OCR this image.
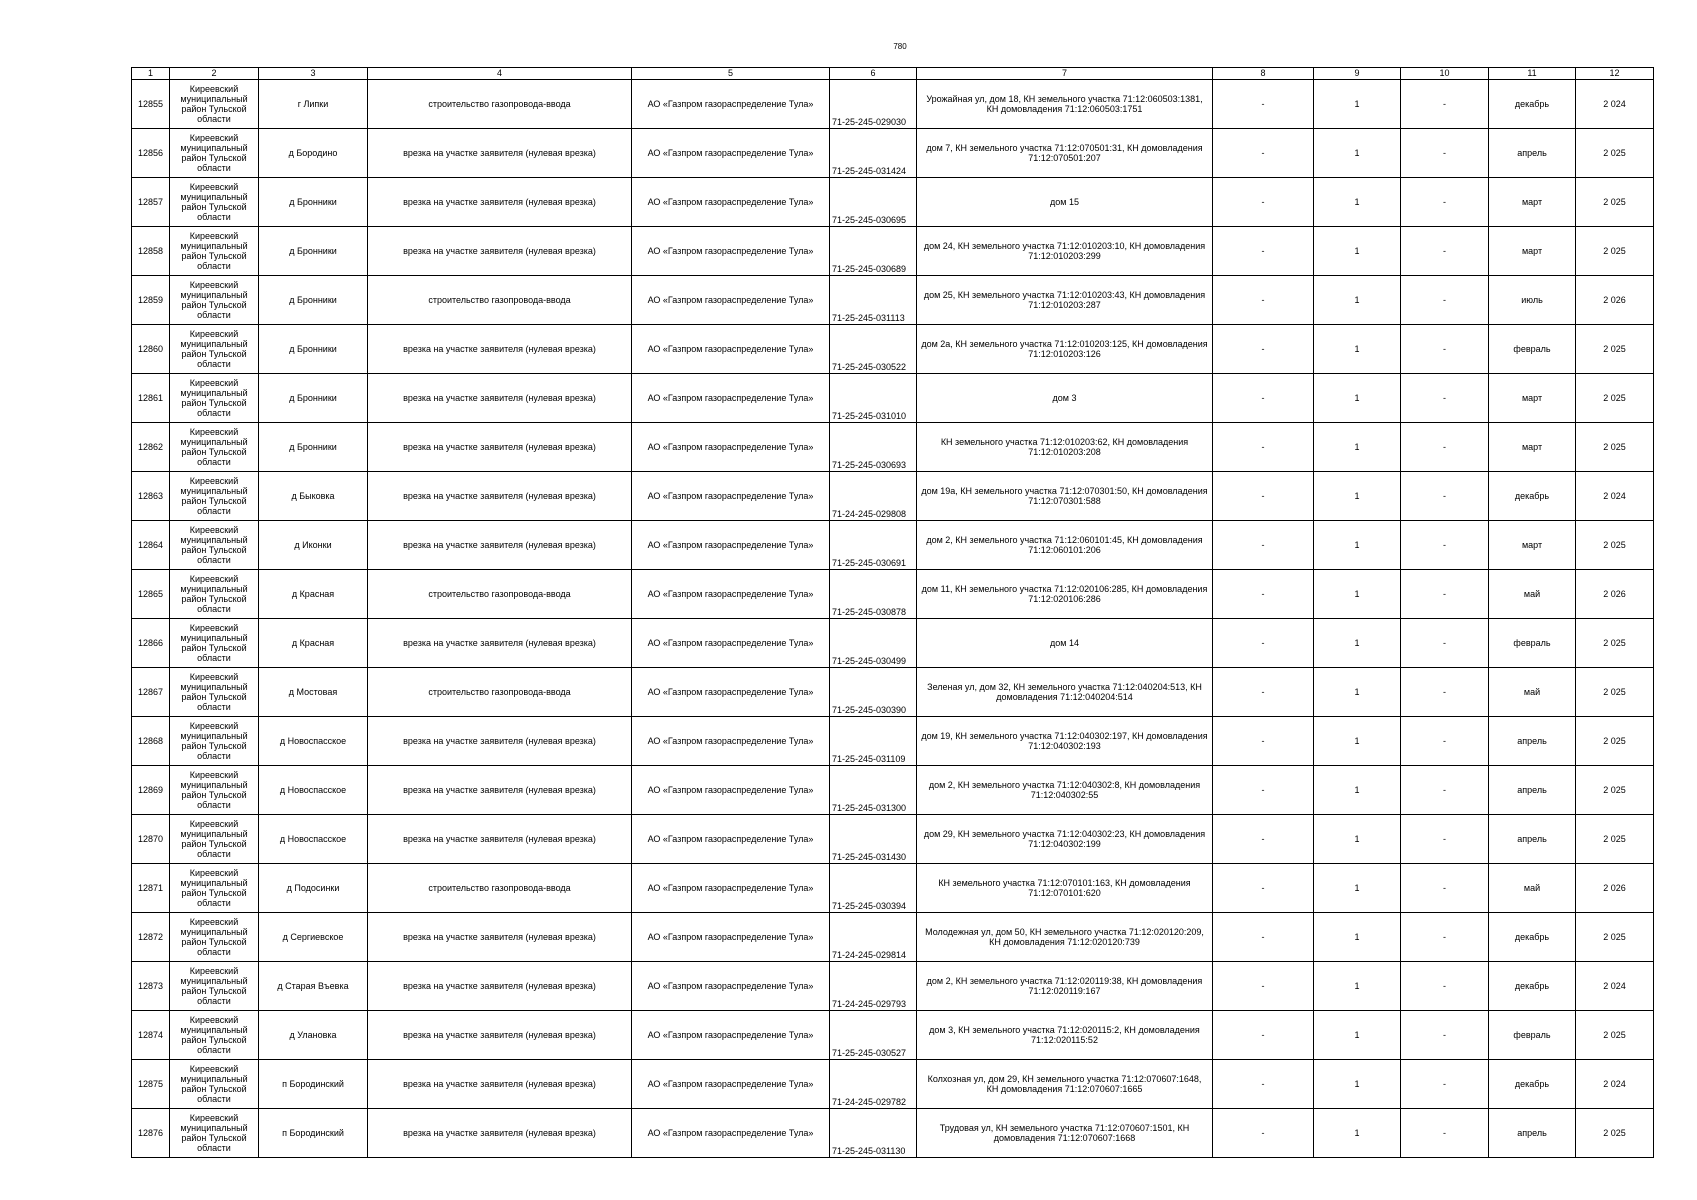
780
1	2	3	4	5	6	7	8	9	10	11	12
12855	Киреевский муниципальный район Тульской области	г Липки	строительство газопровода-ввода	АО «Газпром газораспределение Тула»	71-25-245-029030	Урожайная ул, дом 18, КН земельного участка 71:12:060503:1381, КН домовладения 71:12:060503:1751	-	1	-	декабрь	2 024
12856	Киреевский муниципальный район Тульской области	д Бородино	врезка на участке заявителя (нулевая врезка)	АО «Газпром газораспределение Тула»	71-25-245-031424	дом 7, КН земельного участка 71:12:070501:31, КН домовладения 71:12:070501:207	-	1	-	апрель	2 025
12857	Киреевский муниципальный район Тульской области	д Бронники	врезка на участке заявителя (нулевая врезка)	АО «Газпром газораспределение Тула»	71-25-245-030695	дом 15	-	1	-	март	2 025
12858	Киреевский муниципальный район Тульской области	д Бронники	врезка на участке заявителя (нулевая врезка)	АО «Газпром газораспределение Тула»	71-25-245-030689	дом 24, КН земельного участка 71:12:010203:10, КН домовладения 71:12:010203:299	-	1	-	март	2 025
12859	Киреевский муниципальный район Тульской области	д Бронники	строительство газопровода-ввода	АО «Газпром газораспределение Тула»	71-25-245-031113	дом 25, КН земельного участка 71:12:010203:43, КН домовладения 71:12:010203:287	-	1	-	июль	2 026
12860	Киреевский муниципальный район Тульской области	д Бронники	врезка на участке заявителя (нулевая врезка)	АО «Газпром газораспределение Тула»	71-25-245-030522	дом 2а, КН земельного участка 71:12:010203:125, КН домовладения 71:12:010203:126	-	1	-	февраль	2 025
12861	Киреевский муниципальный район Тульской области	д Бронники	врезка на участке заявителя (нулевая врезка)	АО «Газпром газораспределение Тула»	71-25-245-031010	дом 3	-	1	-	март	2 025
12862	Киреевский муниципальный район Тульской области	д Бронники	врезка на участке заявителя (нулевая врезка)	АО «Газпром газораспределение Тула»	71-25-245-030693	КН земельного участка 71:12:010203:62, КН домовладения 71:12:010203:208	-	1	-	март	2 025
12863	Киреевский муниципальный район Тульской области	д Быковка	врезка на участке заявителя (нулевая врезка)	АО «Газпром газораспределение Тула»	71-24-245-029808	дом 19а, КН земельного участка 71:12:070301:50, КН домовладения 71:12:070301:588	-	1	-	декабрь	2 024
12864	Киреевский муниципальный район Тульской области	д Иконки	врезка на участке заявителя (нулевая врезка)	АО «Газпром газораспределение Тула»	71-25-245-030691	дом 2, КН земельного участка 71:12:060101:45, КН домовладения 71:12:060101:206	-	1	-	март	2 025
12865	Киреевский муниципальный район Тульской области	д Красная	строительство газопровода-ввода	АО «Газпром газораспределение Тула»	71-25-245-030878	дом 11, КН земельного участка 71:12:020106:285, КН домовладения 71:12:020106:286	-	1	-	май	2 026
12866	Киреевский муниципальный район Тульской области	д Красная	врезка на участке заявителя (нулевая врезка)	АО «Газпром газораспределение Тула»	71-25-245-030499	дом 14	-	1	-	февраль	2 025
12867	Киреевский муниципальный район Тульской области	д Мостовая	строительство газопровода-ввода	АО «Газпром газораспределение Тула»	71-25-245-030390	Зеленая ул, дом 32, КН земельного участка 71:12:040204:513, КН домовладения 71:12:040204:514	-	1	-	май	2 025
12868	Киреевский муниципальный район Тульской области	д Новоспасское	врезка на участке заявителя (нулевая врезка)	АО «Газпром газораспределение Тула»	71-25-245-031109	дом 19, КН земельного участка 71:12:040302:197, КН домовладения 71:12:040302:193	-	1	-	апрель	2 025
12869	Киреевский муниципальный район Тульской области	д Новоспасское	врезка на участке заявителя (нулевая врезка)	АО «Газпром газораспределение Тула»	71-25-245-031300	дом 2, КН земельного участка 71:12:040302:8, КН домовладения 71:12:040302:55	-	1	-	апрель	2 025
12870	Киреевский муниципальный район Тульской области	д Новоспасское	врезка на участке заявителя (нулевая врезка)	АО «Газпром газораспределение Тула»	71-25-245-031430	дом 29, КН земельного участка 71:12:040302:23, КН домовладения 71:12:040302:199	-	1	-	апрель	2 025
12871	Киреевский муниципальный район Тульской области	д Подосинки	строительство газопровода-ввода	АО «Газпром газораспределение Тула»	71-25-245-030394	КН земельного участка 71:12:070101:163, КН домовладения 71:12:070101:620	-	1	-	май	2 026
12872	Киреевский муниципальный район Тульской области	д Сергиевское	врезка на участке заявителя (нулевая врезка)	АО «Газпром газораспределение Тула»	71-24-245-029814	Молодежная ул, дом 50, КН земельного участка 71:12:020120:209, КН домовладения 71:12:020120:739	-	1	-	декабрь	2 025
12873	Киреевский муниципальный район Тульской области	д Старая Въевка	врезка на участке заявителя (нулевая врезка)	АО «Газпром газораспределение Тула»	71-24-245-029793	дом 2, КН земельного участка 71:12:020119:38, КН домовладения 71:12:020119:167	-	1	-	декабрь	2 024
12874	Киреевский муниципальный район Тульской области	д Улановка	врезка на участке заявителя (нулевая врезка)	АО «Газпром газораспределение Тула»	71-25-245-030527	дом 3, КН земельного участка 71:12:020115:2, КН домовладения 71:12:020115:52	-	1	-	февраль	2 025
12875	Киреевский муниципальный район Тульской области	п Бородинский	врезка на участке заявителя (нулевая врезка)	АО «Газпром газораспределение Тула»	71-24-245-029782	Колхозная ул, дом 29, КН земельного участка 71:12:070607:1648, КН домовладения 71:12:070607:1665	-	1	-	декабрь	2 024
12876	Киреевский муниципальный район Тульской области	п Бородинский	врезка на участке заявителя (нулевая врезка)	АО «Газпром газораспределение Тула»	71-25-245-031130	Трудовая ул, КН земельного участка 71:12:070607:1501, КН домовладения 71:12:070607:1668	-	1	-	апрель	2 025
